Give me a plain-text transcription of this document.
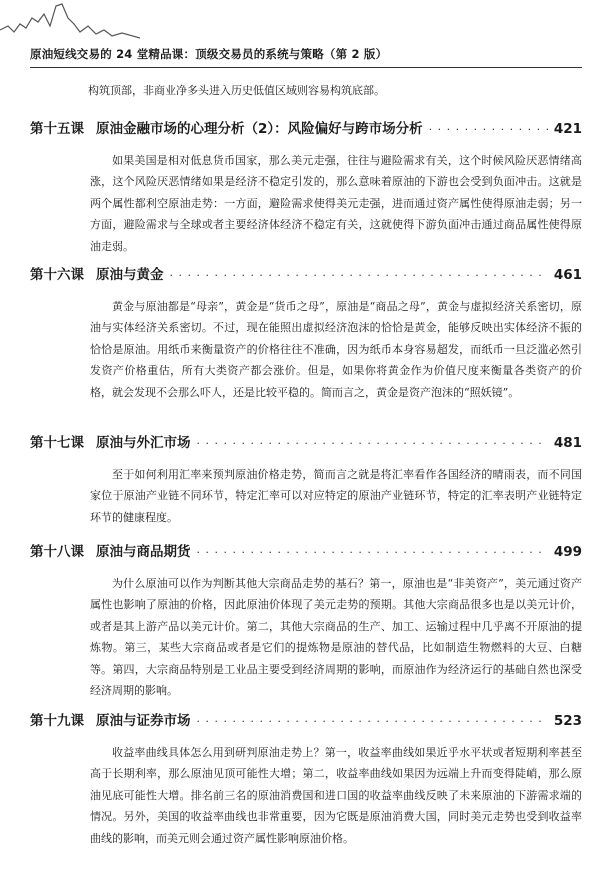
原油短线交易的 24 堂精品课：顶级交易员的系统与策略（第 2 版）
构筑顶部，非商业净多头进入历史低值区域则容易构筑底部。
第十五课 原油金融市场的心理分析（2）：风险偏好与跨市场分析 · · ·	421

如果美国是相对低息货币国家，那么美元走强，往往与避险需求有关，这个时候风险厌恶情绪高涨，这个风险厌恶情绪如果是经济不稳定引发的，那么意味着原油的下游也会受到负面冲击。这就是两个属性都利空原油走势：一方面，避险需求使得美元走强，进而通过资产属性使得原油走弱；另一方面，避险需求与全球或者主要经济体经济不稳定有关，这就使得下游负面冲击通过商品属性使得原油走弱。

第十六课 原油与黄金 · · ·	461

黄金与原油都是“母亲”，黄金是“货币之母”，原油是“商品之母”，黄金与虚拟经济关系密切，原油与实体经济关系密切。不过，现在能照出虚拟经济泡沫的恰恰是黄金，能够反映出实体经济不振的恰恰是原油。用纸币来衡量资产的价格往往不准确，因为纸币本身容易超发，而纸币一旦泛滥必然引发资产价格重估，所有大类资产都会涨价。但是，如果你将黄金作为价值尺度来衡量各类资产的价格，就会发现不会那么吓人，还是比较平稳的。简而言之，黄金是资产泡沫的“照妖镜”。

第十七课 原油与外汇市场 · · ·	481

至于如何利用汇率来预判原油价格走势，简而言之就是将汇率看作各国经济的晴雨表，而不同国家位于原油产业链不同环节，特定汇率可以对应特定的原油产业链环节，特定的汇率表明产业链特定环节的健康程度。

第十八课 原油与商品期货 · · ·	499

为什么原油可以作为判断其他大宗商品走势的基石？第一，原油也是“非美资产”，美元通过资产属性也影响了原油的价格，因此原油价体现了美元走势的预期。其他大宗商品很多也是以美元计价，或者是其上游产品以美元计价。第二，其他大宗商品的生产、加工、运输过程中几乎离不开原油的提炼物。第三，某些大宗商品或者是它们的提炼物是原油的替代品，比如制造生物燃料的大豆、白糖等。第四，大宗商品特别是工业品主要受到经济周期的影响，而原油作为经济运行的基础自然也深受经济周期的影响。

第十九课 原油与证券市场 · · ·	523

收益率曲线具体怎么用到研判原油走势上？第一，收益率曲线如果近乎水平状或者短期利率甚至高于长期利率，那么原油见顶可能性大增；第二，收益率曲线如果因为远端上升而变得陡峭，那么原油见底可能性大增。排名前三名的原油消费国和进口国的收益率曲线反映了未来原油的下游需求端的情况。另外，美国的收益率曲线也非常重要，因为它既是原油消费大国，同时美元走势也受到收益率曲线的影响，而美元则会通过资产属性影响原油价格。
